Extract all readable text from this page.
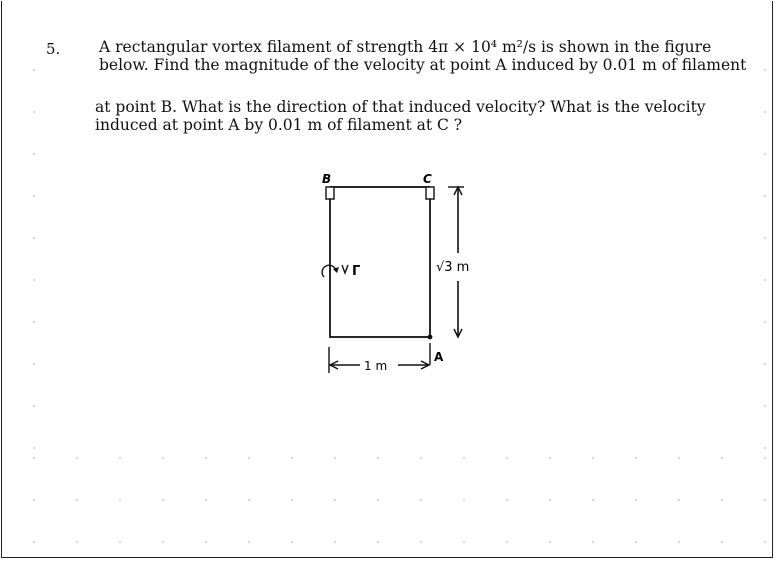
5. A rectangular vortex filament of strength 4π × 10⁴ m²/s is shown in the figure
below. Find the magnitude of the velocity at point A induced by 0.01 m of filament
at point B. What is the direction of that induced velocity? What is the velocity
induced at point A by 0.01 m of filament at C ?
B	C
Γ	√3 m
A
1 m
